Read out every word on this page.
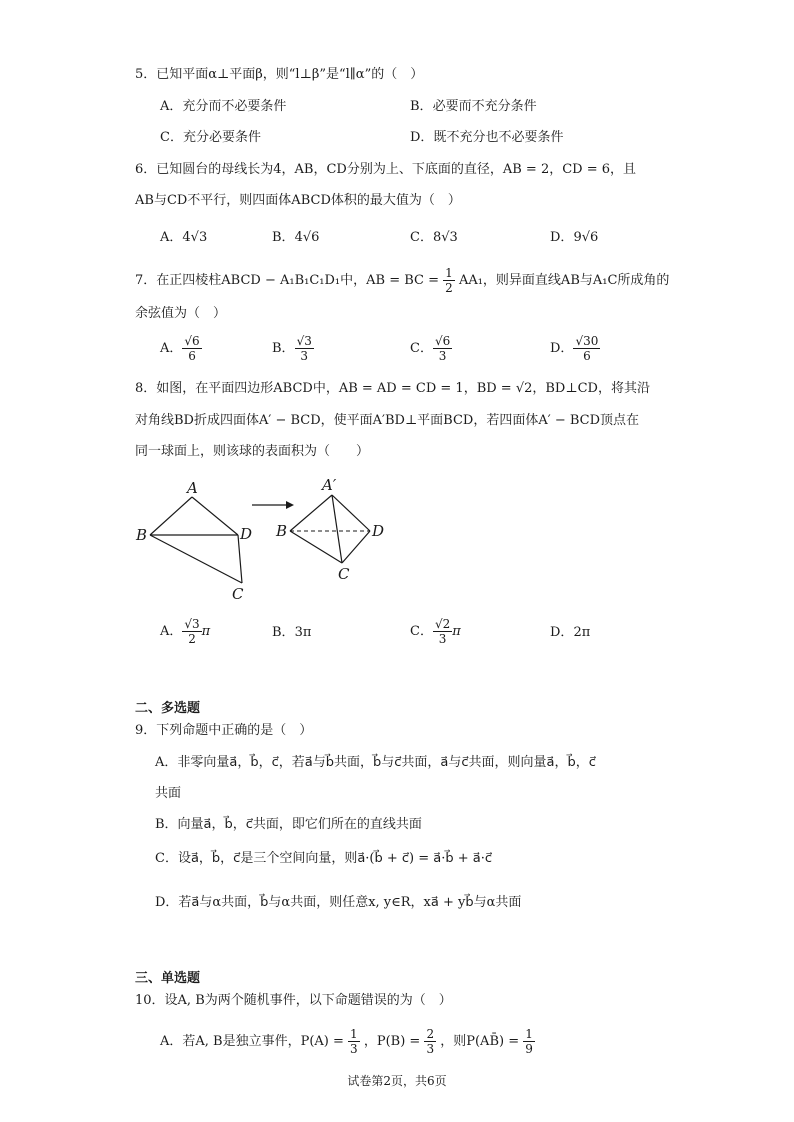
5．已知平面α⊥平面β，则“l⊥β”是“l∥α”的（　）
A．充分而不必要条件	B．必要而不充分条件
C．充分必要条件	D．既不充分也不必要条件
6．已知圆台的母线长为4，AB，CD分别为上、下底面的直径，AB = 2，CD = 6，且
AB与CD不平行，则四面体ABCD体积的最大值为（　）
A．4√3	B．4√6	C．8√3	D．9√6
7．在正四棱柱ABCD − A₁B₁C₁D₁中，AB = BC = $\frac{1}{2} AA_1$，则异面直线AB与A₁C所成角的
余弦值为（　）
A． $\frac{√6}{6}$	B． $\frac{√3}{3}$	C． $\frac{√6}{3}$	D． $\frac{√30}{6}$
8．如图，在平面四边形ABCD中，AB = AD = CD = 1，BD = √2，BD⊥CD，将其沿
对角线BD折成四面体A′ − BCD，使平面A′BD⊥平面BCD，若四面体A′ − BCD顶点在
同一球面上，则该球的表面积为（　　）
A
B	D
C
A′
B	D
C
A． $\frac{√3}{2}$ π	B．3π	C． $\frac{√2}{3}$ π	D．2π
二、多选题
9．下列命题中正确的是（　）
A．非零向量a⃗，b⃗，c⃗，若a⃗与b⃗共面，b⃗与c⃗共面，a⃗与c⃗共面，则向量a⃗，b⃗，c⃗
共面
B．向量a⃗，b⃗，c⃗共面，即它们所在的直线共面
C．设a⃗，b⃗，c⃗是三个空间向量，则a⃗·(b⃗ + c⃗) = a⃗·b⃗ + a⃗·c⃗
D．若a⃗与α共面，b⃗与α共面，则任意x, y∈R，xa⃗ + yb⃗与α共面
三、单选题
10．设A, B为两个随机事件，以下命题错误的为（　）
A．若A, B是独立事件，$P(A) = \frac{1}{3}$ ，$P(B) = \frac{2}{3}$ ，则P(AB̄) = $\frac{1}{9}$
试卷第2页，共6页
